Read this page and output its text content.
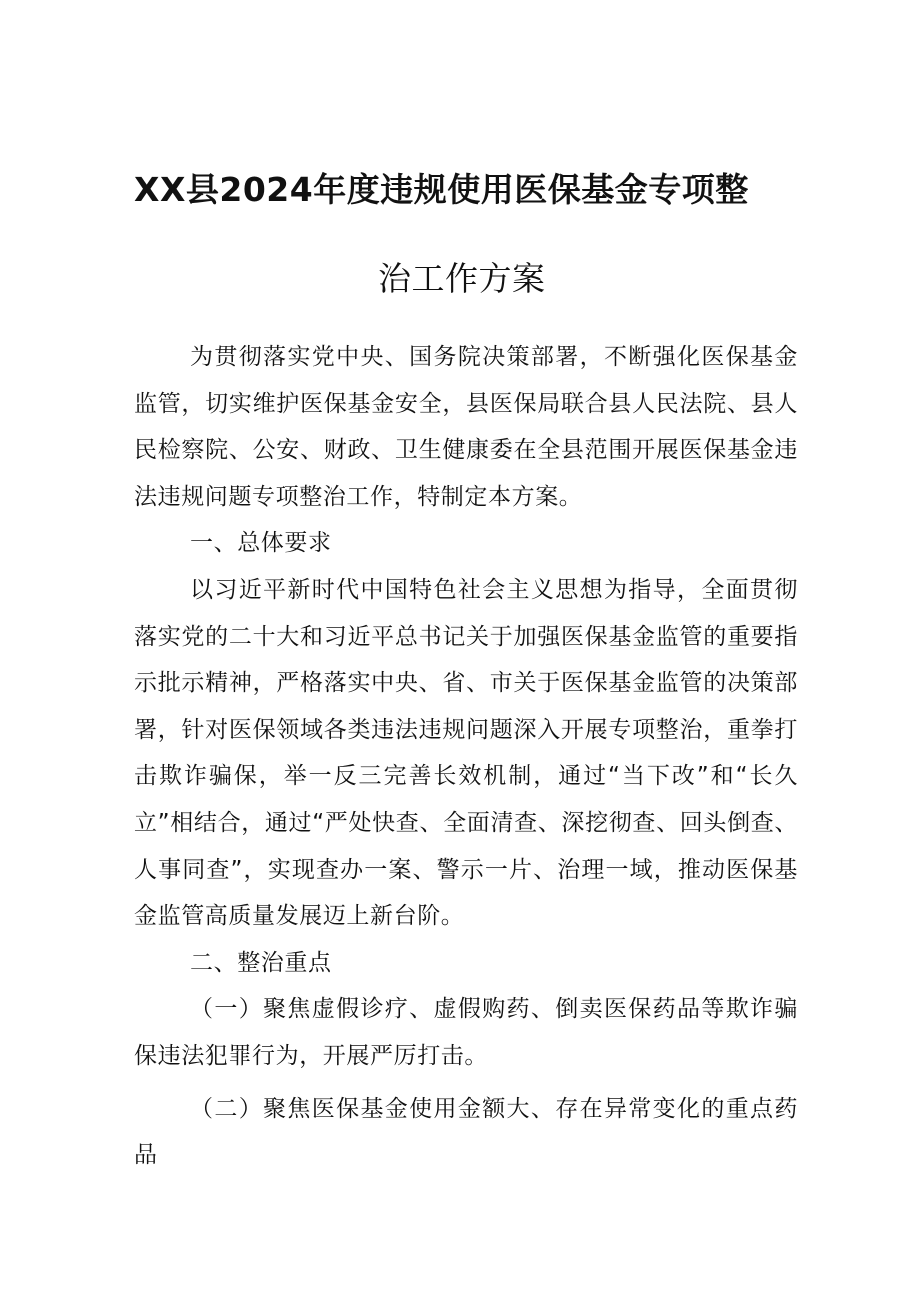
XX县2024年度违规使用医保基金专项整
治工作方案

为贯彻落实党中央、国务院决策部署，不断强化医保基金监管，切实维护医保基金安全，县医保局联合县人民法院、县人民检察院、公安、财政、卫生健康委在全县范围开展医保基金违法违规问题专项整治工作，特制定本方案。

一、总体要求

以习近平新时代中国特色社会主义思想为指导，全面贯彻落实党的二十大和习近平总书记关于加强医保基金监管的重要指示批示精神，严格落实中央、省、市关于医保基金监管的决策部署，针对医保领域各类违法违规问题深入开展专项整治，重拳打击欺诈骗保，举一反三完善长效机制，通过“当下改”和“长久立”相结合，通过“严处快查、全面清查、深挖彻查、回头倒查、人事同查”，实现查办一案、警示一片、治理一域，推动医保基金监管高质量发展迈上新台阶。

二、整治重点

（一）聚焦虚假诊疗、虚假购药、倒卖医保药品等欺诈骗保违法犯罪行为，开展严厉打击。

（二）聚焦医保基金使用金额大、存在异常变化的重点药品
